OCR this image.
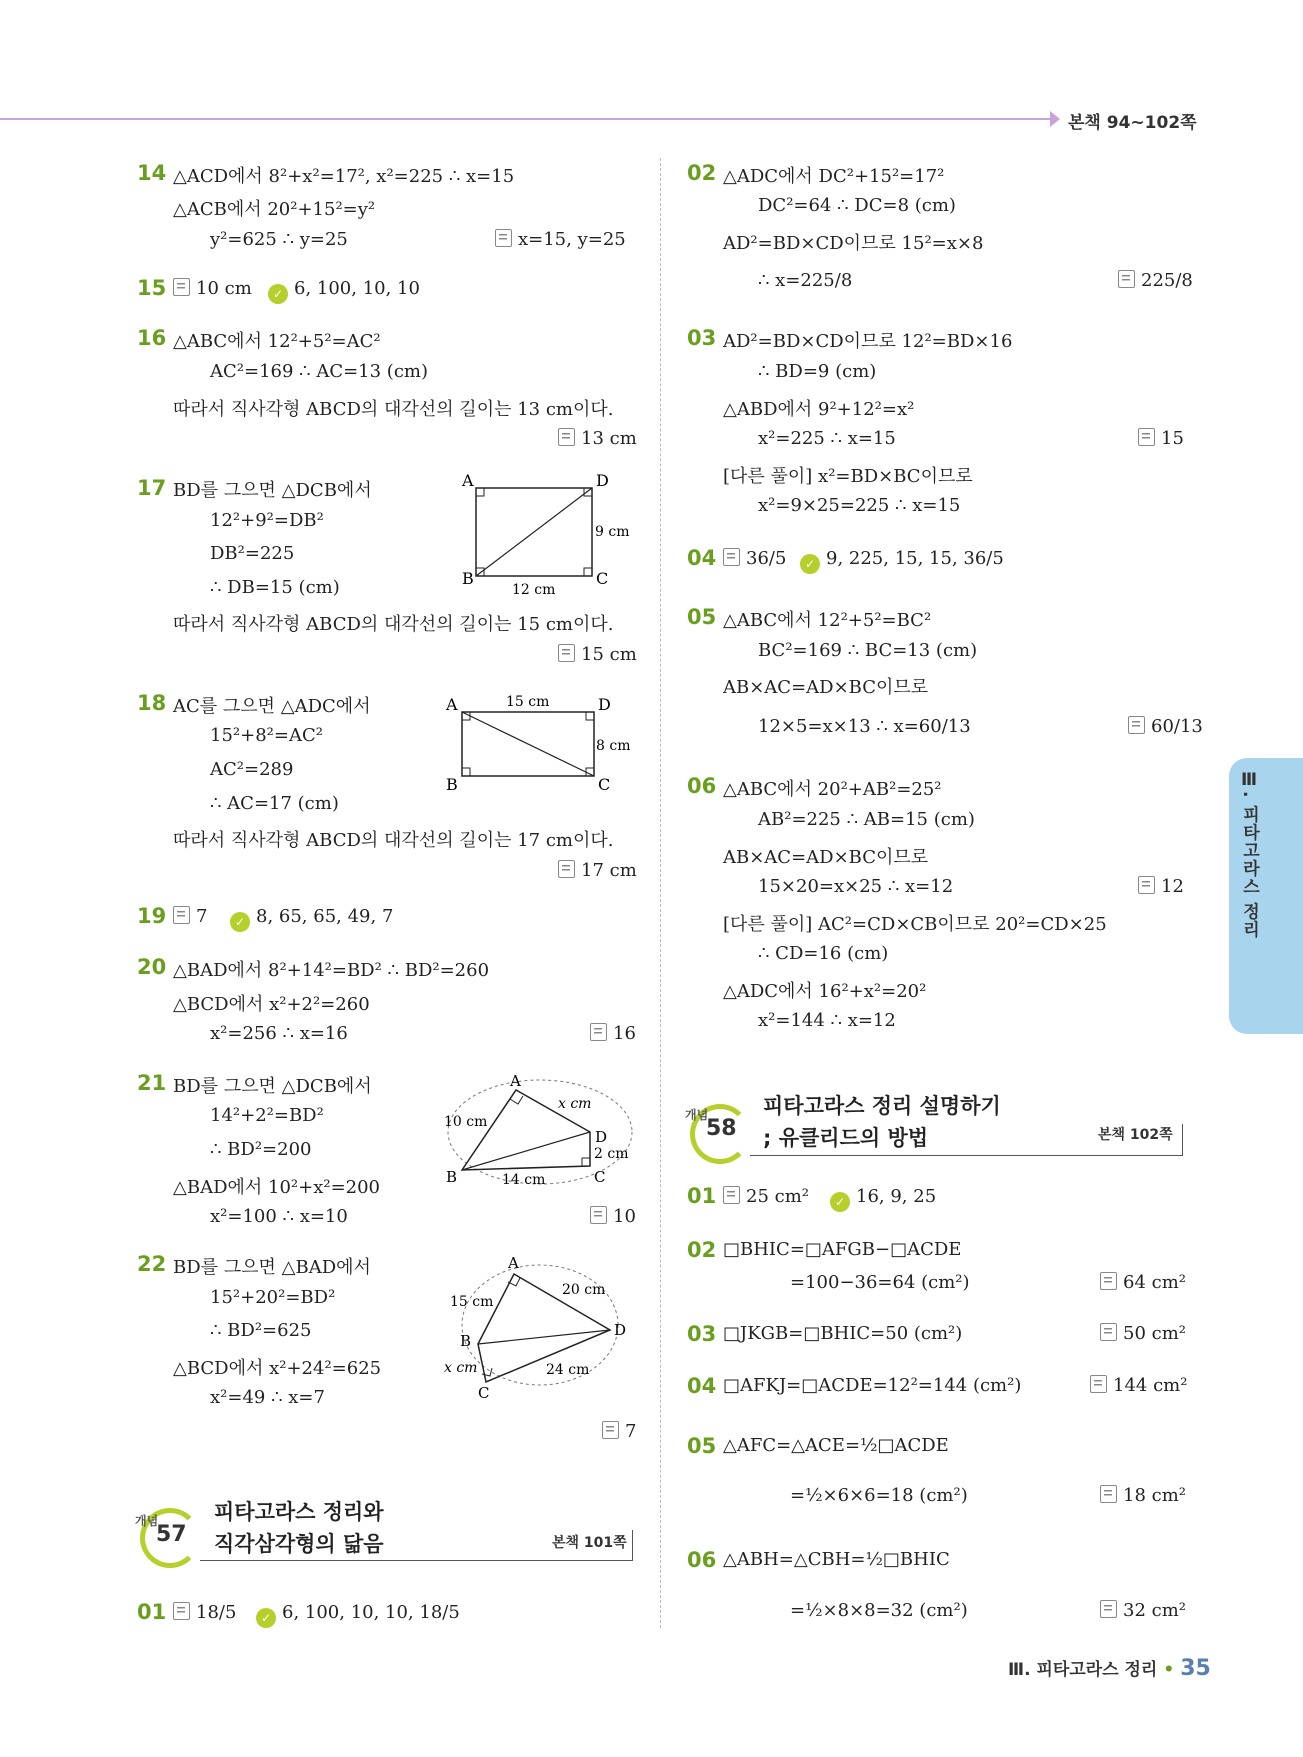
본책 94~102쪽
Ⅲ. 피타고라스 정리
14 △ACD에서 8²+x²=17², x²=225 ∴ x=15
△ACB에서 20²+15²=y²
y²=625 ∴ y=25	x=15, y=25
15	10 cm	✓ 6, 100, 10, 10
16 △ABC에서 12²+5²=AC²
AC²=169 ∴ AC=13 (cm)
따라서 직사각형 ABCD의 대각선의 길이는 13 cm이다.
13 cm
17 BD를 그으면 △DCB에서
12²+9²=DB²
DB²=225
∴ DB=15 (cm)
따라서 직사각형 ABCD의 대각선의 길이는 15 cm이다.
15 cm
A	D
B	C
9 cm
12 cm
18 AC를 그으면 △ADC에서
15²+8²=AC²
AC²=289
∴ AC=17 (cm)
따라서 직사각형 ABCD의 대각선의 길이는 17 cm이다.
17 cm
A	D
B	C
15 cm
8 cm
19	7	✓ 8, 65, 65, 49, 7
20 △BAD에서 8²+14²=BD² ∴ BD²=260
△BCD에서 x²+2²=260
x²=256 ∴ x=16	16
21 BD를 그으면 △DCB에서
14²+2²=BD²
∴ BD²=200
△BAD에서 10²+x²=200
x²=100 ∴ x=10	10
A
B	C
D
10 cm
x cm
2 cm
14 cm
22 BD를 그으면 △BAD에서
15²+20²=BD²
∴ BD²=625
△BCD에서 x²+24²=625
x²=49 ∴ x=7
7
A
B
C
D
15 cm
20 cm
x cm	24 cm
개념
57
피타고라스 정리와
직각삼각형의 닮음	본책 101쪽
01	18/5	✓ 6, 100, 10, 10, 18/5
02 △ADC에서 DC²+15²=17²
DC²=64 ∴ DC=8 (cm)
AD²=BD×CD이므로 15²=x×8
∴ x=225/8	225/8
03 AD²=BD×CD이므로 12²=BD×16
∴ BD=9 (cm)
△ABD에서 9²+12²=x²
x²=225 ∴ x=15	15
[다른 풀이] x²=BD×BC이므로
x²=9×25=225 ∴ x=15
04	36/5	✓ 9, 225, 15, 15, 36/5
05 △ABC에서 12²+5²=BC²
BC²=169 ∴ BC=13 (cm)
AB×AC=AD×BC이므로
12×5=x×13 ∴ x=60/13	60/13
06 △ABC에서 20²+AB²=25²
AB²=225 ∴ AB=15 (cm)
AB×AC=AD×BC이므로
15×20=x×25 ∴ x=12	12
[다른 풀이] AC²=CD×CB이므로 20²=CD×25
∴ CD=16 (cm)
△ADC에서 16²+x²=20²
x²=144 ∴ x=12
개념
58
피타고라스 정리 설명하기
; 유클리드의 방법	본책 102쪽
01	25 cm²	✓ 16, 9, 25
02 □BHIC=□AFGB−□ACDE
=100−36=64 (cm²)	64 cm²
03 □JKGB=□BHIC=50 (cm²)	50 cm²
04 □AFKJ=□ACDE=12²=144 (cm²)	144 cm²
05 △AFC=△ACE=½□ACDE
=½×6×6=18 (cm²)	18 cm²
06 △ABH=△CBH=½□BHIC
=½×8×8=32 (cm²)	32 cm²
Ⅲ. 피타고라스 정리 • 35
